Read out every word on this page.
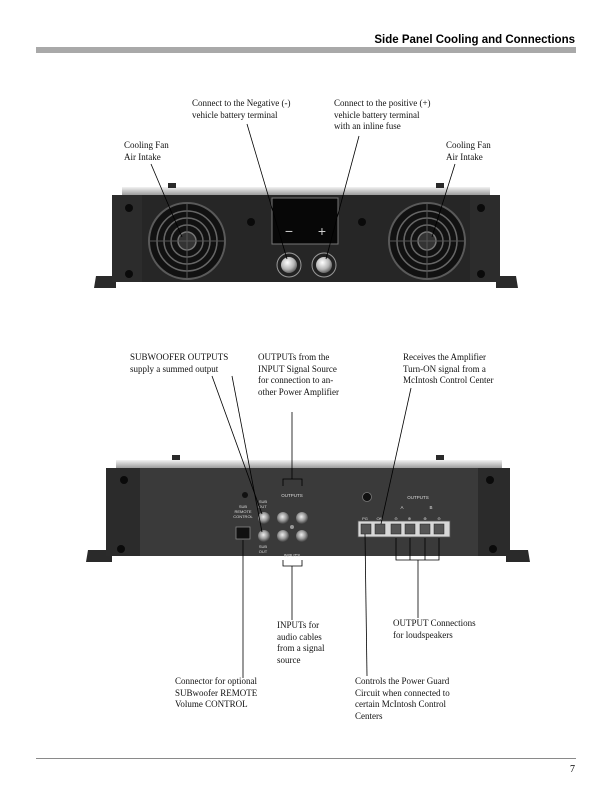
Side Panel Cooling and Connections
Connect to the Negative (-)
vehicle battery terminal
Connect to the positive (+)
vehicle battery terminal
with an inline fuse
Cooling Fan
Air Intake
Cooling Fan
Air Intake
SUBWOOFER OUTPUTS
supply a summed output
OUTPUTs from the
INPUT Signal Source
for connection to an-
other Power Amplifier
Receives the Amplifier
Turn-ON signal from a
McIntosh Control Center
INPUTs for
audio cables
from a signal
source
OUTPUT Connections
for loudspeakers
Connector for optional
SUBwoofer REMOTE
Volume CONTROL
Controls the Power Guard
Circuit when connected to
certain McIntosh Control
Centers
− +
SUB REMOTE CONTROL
SUB OUT SUB OUT
OUTPUTS
INPUTS
OUTPUTS
A	B
PG ON	⊖	⊕	⊕	⊖
7
